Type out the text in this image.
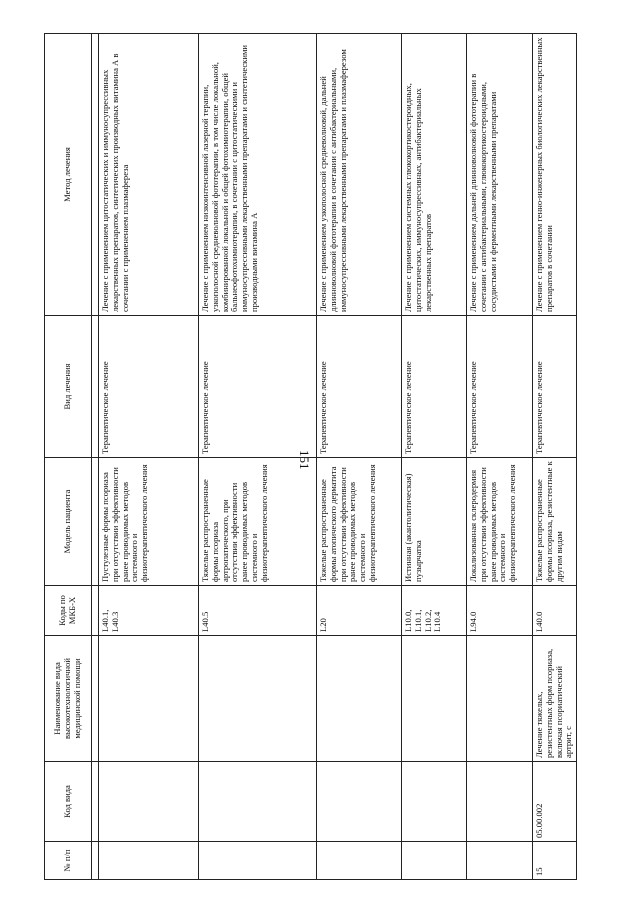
151
№ п/п	Код вида	Наименование вида высокотехнологичной медицинской помощи	Коды по МКБ-Х	Модель пациента	Вид лечения	Метод лечения

			L40.1, L40.3	Пустулезные формы псориаза при отсутствии эффективности ранее проводимых методов системного и физиотерапевтического лечения	Терапевтическое лечение	Лечение с применением цитостатических и иммуносупрессивных лекарственных препаратов, синтетических производных витамина А в сочетании с применением плазмафереза
			L40.5	Тяжелые распространенные формы псориаза артропатического, при отсутствии эффективности ранее проводимых методов системного и физиотерапевтического лечения	Терапевтическое лечение	Лечение с применением низкоинтенсивной лазерной терапии, узкополосной средневолновой фототерапии, в том числе локальной, комбинированной локальной и общей фотохимиотерапии, общей бальнеофотохимиотерапии, в сочетании с цитостатическими и иммуносупрессивными лекарственными препаратами и синтетическими производными витамина А
			L20	Тяжелые распространенные формы атопического дерматита при отсутствии эффективности ранее проводимых методов системного и физиотерапевтического лечения	Терапевтическое лечение	Лечение с применением узкополосной средневолновой, дальней длинноволновой фототерапии в сочетании с антибактериальными, иммуносупрессивными лекарственными препаратами и плазмаферезом
			L10.0, L10.1, L10.2, L10.4	Истинная (акантолитическая) пузырчатка	Терапевтическое лечение	Лечение с применением системных глюкокортикостероидных, цитостатических, иммуносупрессивных, антибактериальных лекарственных препаратов
			L94.0	Локализованная склеродермия при отсутствии эффективности ранее проводимых методов системного и физиотерапевтического лечения	Терапевтическое лечение	Лечение с применением дальней длинноволновой фототерапии в сочетании с антибактериальными, глюкокортикостероидными, сосудистыми и ферментными лекарственными препаратами
15	05.00.002	Лечение тяжелых, резистентных форм псориаза, включая псориатический артрит, с	L40.0	Тяжелые распространенные формы псориаза, резистентные к другим видам	Терапевтическое лечение	Лечение с применением генно-инженерных биологических лекарственных препаратов в сочетании
